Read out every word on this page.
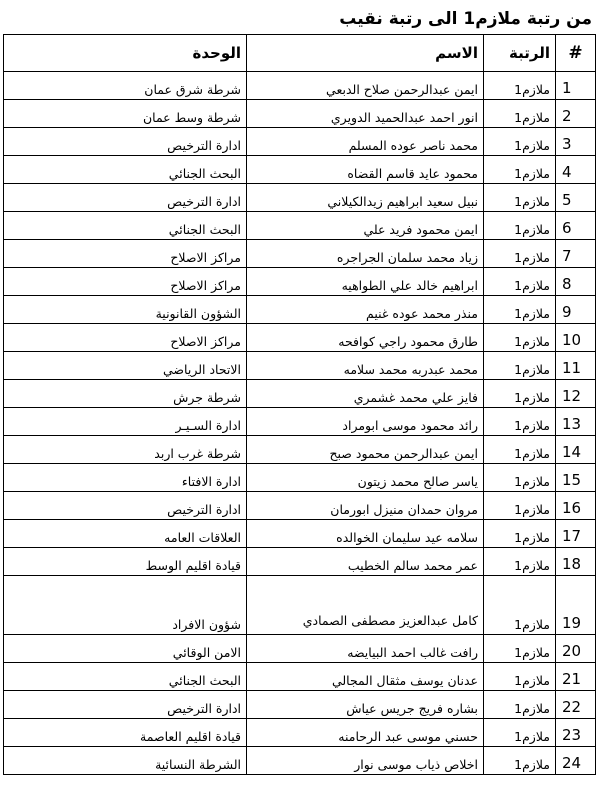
من رتبة ملازم1 الى رتبة نقيب
#	الرتبة	الاسم	الوحدة
1	ملازم1	ايمن عبدالرحمن صلاح الدبعي	شرطة شرق عمان
2	ملازم1	انور احمد عبدالحميد الدويري	شرطة وسط عمان
3	ملازم1	محمد ناصر عوده المسلم	ادارة الترخيص
4	ملازم1	محمود عايد قاسم القضاه	البحث الجنائي
5	ملازم1	نبيل سعيد ابراهيم زيدالكيلاني	ادارة الترخيص
6	ملازم1	ايمن محمود فريد علي	البحث الجنائي
7	ملازم1	زياد محمد سلمان الجراجره	مراكز الاصلاح
8	ملازم1	ابراهيم خالد علي الطواهيه	مراكز الاصلاح
9	ملازم1	منذر محمد عوده غنيم	الشؤون القانونية
10	ملازم1	طارق محمود راجي كوافحه	مراكز الاصلاح
11	ملازم1	محمد عبدربه محمد سلامه	الاتحاد الرياضي
12	ملازم1	فايز علي محمد غشمري	شرطة جرش
13	ملازم1	رائد محمود موسى ابومراد	ادارة السـيـر
14	ملازم1	ايمن عبدالرحمن محمود صبح	شرطة غرب اربد
15	ملازم1	ياسر صالح محمد زيتون	ادارة الافتاء
16	ملازم1	مروان حمدان منيزل ابورمان	ادارة الترخيص
17	ملازم1	سلامه عيد سليمان الخوالده	العلاقات العامه
18	ملازم1	عمر محمد سالم الخطيب	قيادة اقليم الوسط
19	ملازم1	كامل عبدالعزيز مصطفى الصمادي	شؤون الافراد
20	ملازم1	رافت غالب احمد البيايضه	الامن الوقائي
21	ملازم1	عدنان يوسف مثقال المجالي	البحث الجنائي
22	ملازم1	بشاره فريج جريس عياش	ادارة الترخيص
23	ملازم1	حسني موسى عبد الرحامنه	قيادة اقليم العاصمة
24	ملازم1	اخلاص ذياب موسى نوار	الشرطة النسائية
